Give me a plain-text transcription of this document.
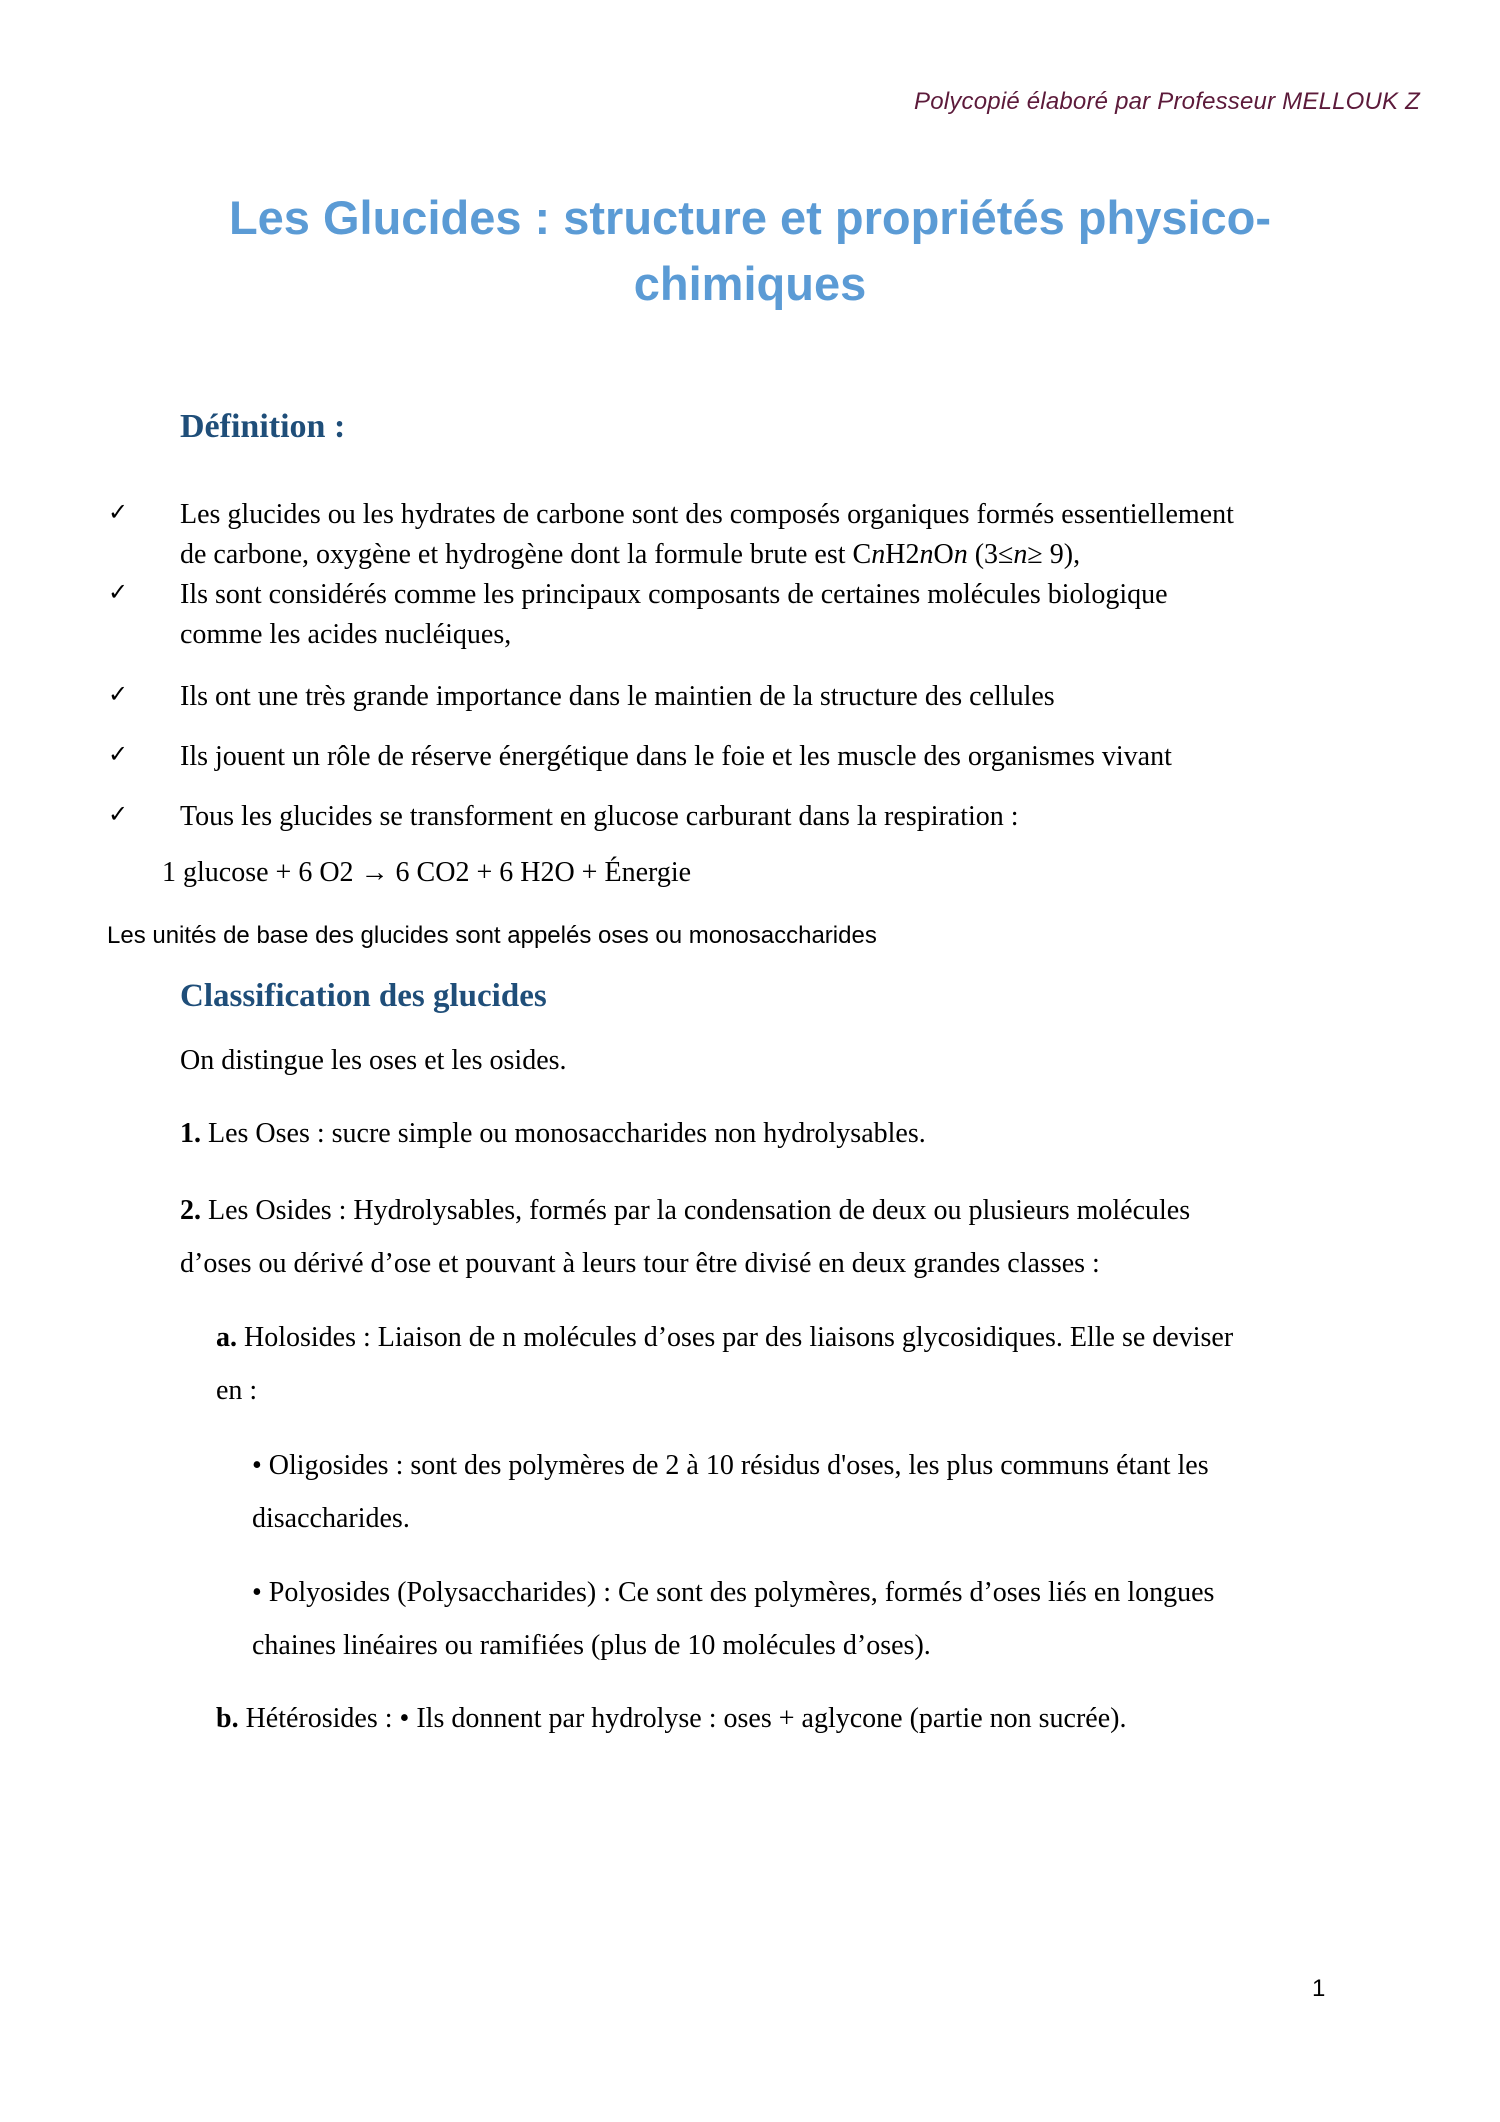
Polycopié élaboré par Professeur MELLOUK Z
Les Glucides : structure et propriétés physico-
chimiques
Définition :
✓ Les glucides ou les hydrates de carbone sont des composés organiques formés essentiellement
de carbone, oxygène et hydrogène dont la formule brute est CnH2nOn (3≤n≥ 9),
✓ Ils sont considérés comme les principaux composants de certaines molécules biologique
comme les acides nucléiques,
✓ Ils ont une très grande importance dans le maintien de la structure des cellules
✓ Ils jouent un rôle de réserve énergétique dans le foie et les muscle des organismes vivant
✓ Tous les glucides se transforment en glucose carburant dans la respiration :
1 glucose + 6 O2 → 6 CO2 + 6 H2O + Énergie
Les unités de base des glucides sont appelés oses ou monosaccharides
Classification des glucides
On distingue les oses et les osides.
1. Les Oses : sucre simple ou monosaccharides non hydrolysables.
2. Les Osides : Hydrolysables, formés par la condensation de deux ou plusieurs molécules
d’oses ou dérivé d’ose et pouvant à leurs tour être divisé en deux grandes classes :
a. Holosides : Liaison de n molécules d’oses par des liaisons glycosidiques. Elle se deviser
en :
• Oligosides : sont des polymères de 2 à 10 résidus d'oses, les plus communs étant les
disaccharides.
• Polyosides (Polysaccharides) : Ce sont des polymères, formés d’oses liés en longues
chaines linéaires ou ramifiées (plus de 10 molécules d’oses).
b. Hétérosides : • Ils donnent par hydrolyse : oses + aglycone (partie non sucrée).
1
